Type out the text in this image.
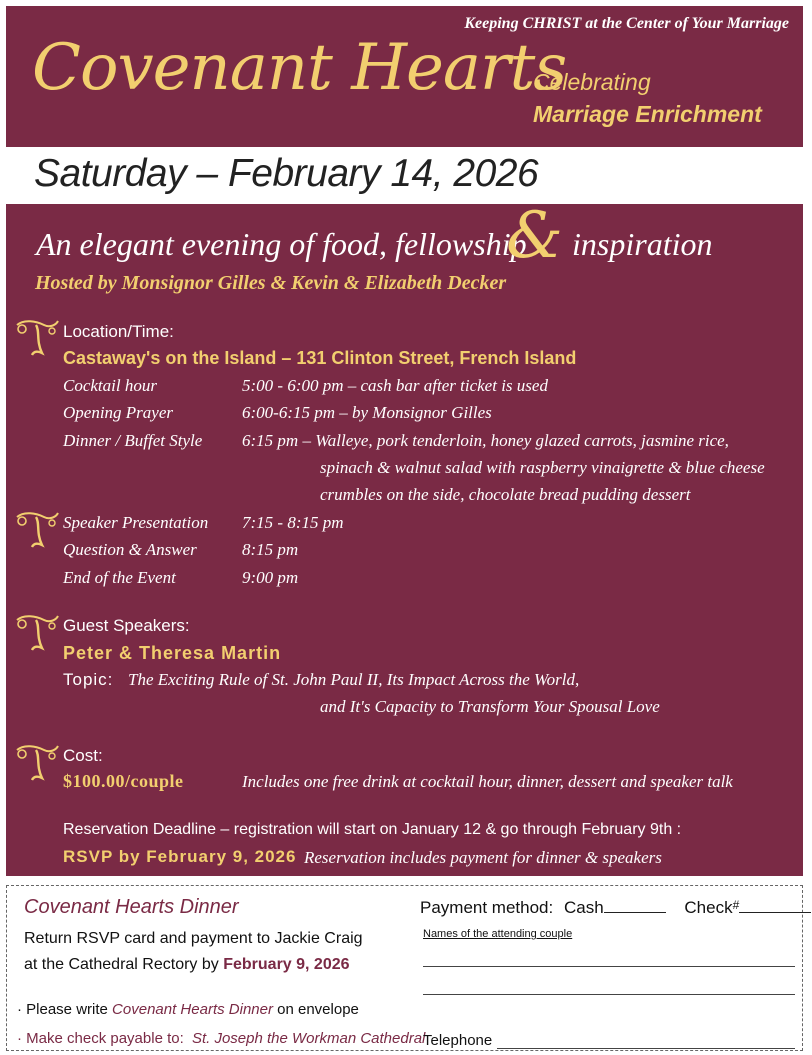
Keeping CHRIST at the Center of Your Marriage
Covenant Hearts
Celebrating
Marriage Enrichment
Saturday – February 14, 2026
An elegant evening of food, fellowship
& inspiration
Hosted by Monsignor Gilles & Kevin & Elizabeth Decker
Location/Time:
Castaway's on the Island – 131 Clinton Street, French Island
Cocktail hour	5:00 - 6:00 pm – cash bar after ticket is used
Opening Prayer	6:00-6:15 pm – by Monsignor Gilles
Dinner / Buffet Style 6:15 pm – Walleye, pork tenderloin, honey glazed carrots, jasmine rice,
spinach & walnut salad with raspberry vinaigrette & blue cheese
crumbles on the side, chocolate bread pudding dessert
Speaker Presentation 7:15 - 8:15 pm
Question & Answer	8:15 pm
End of the Event	9:00 pm
Guest Speakers:
Peter & Theresa Martin
Topic: The Exciting Rule of St. John Paul II, Its Impact Across the World,
and It's Capacity to Transform Your Spousal Love
Cost:
$100.00/couple	Includes one free drink at cocktail hour, dinner, dessert and speaker talk
Reservation Deadline – registration will start on January 12 & go through February 9th :
RSVP by February 9, 2026 Reservation includes payment for dinner & speakers
Covenant Hearts Dinner
Return RSVP card and payment to Jackie Craig
at the Cathedral Rectory by February 9, 2026
· Please write Covenant Hearts Dinner on envelope
· Make check payable to: St. Joseph the Workman Cathedral
Payment method: Cash	Check#
Names of the attending couple
Telephone
